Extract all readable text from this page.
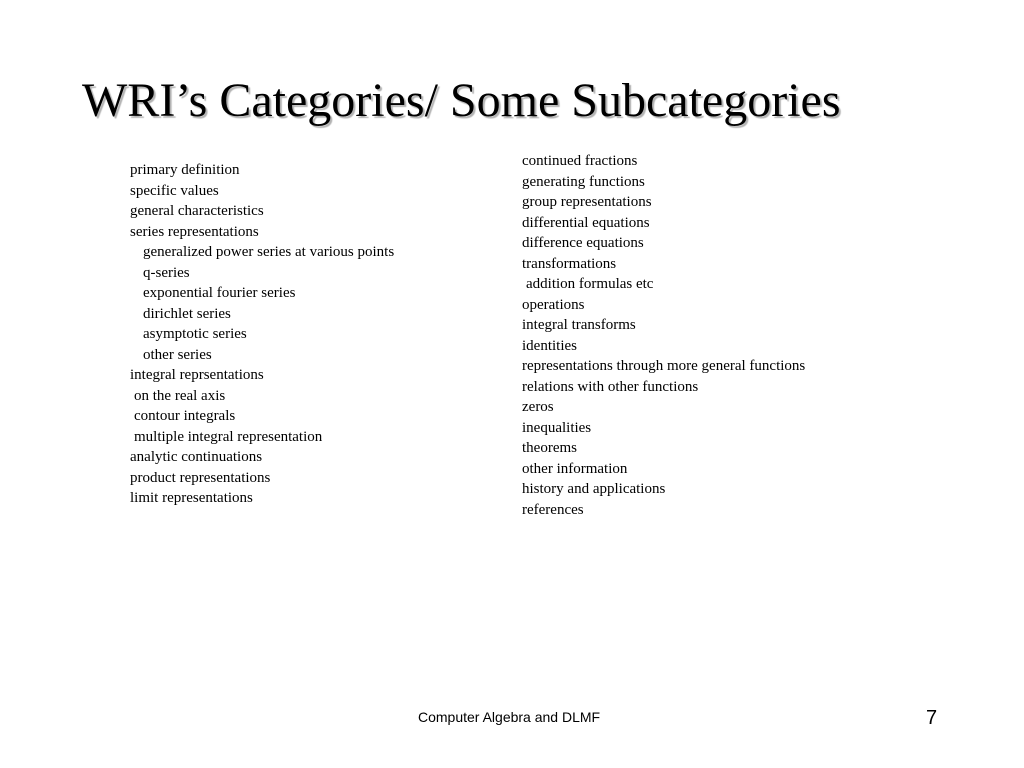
WRI’s Categories/ Some Subcategories
primary definition
specific values
general characteristics
series representations
generalized power series at various points
q-series
exponential fourier series
dirichlet series
asymptotic series
other series
integral reprsentations
on the real axis
contour integrals
multiple integral representation
analytic continuations
product representations
limit representations
continued fractions
generating functions
group representations
differential equations
difference equations
transformations
addition formulas etc
operations
integral transforms
identities
representations through more general functions
relations with other functions
zeros
inequalities
theorems
other information
history and applications
references
Computer Algebra and DLMF	7
